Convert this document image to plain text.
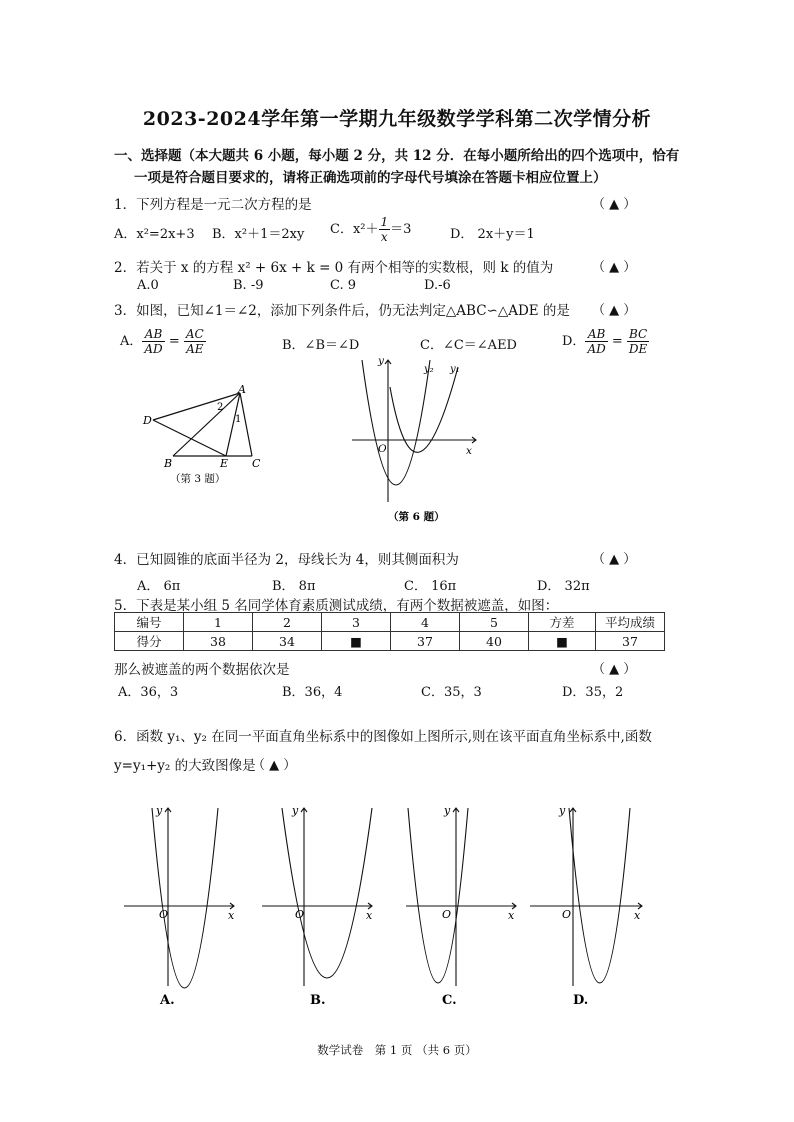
2023-2024学年第一学期九年级数学学科第二次学情分析
一、选择题（本大题共 6 小题，每小题 2 分，共 12 分．在每小题所给出的四个选项中，恰有
一项是符合题目要求的，请将正确选项前的字母代号填涂在答题卡相应位置上）
1．下列方程是一元二次方程的是	（ ▲ ）
A．x²=2x+3 B．x²＋1＝2xy C．$x^2+ \frac{1}{x} =3$	D． 2x＋y＝1
2．若关于 x 的方程 x² + 6x + k = 0 有两个相等的实数根，则 k 的值为	（ ▲ ）
A.0	B. -9	C. 9	D.-6
3．如图，已知∠1＝∠2，添加下列条件后，仍无法判定△ABC∽△ADE 的是 （ ▲ ）
A． $\frac{AB}{AD} = \frac{AC}{AE}$	B．∠B＝∠D	C．∠C＝∠AED	D． $\frac{AB}{AD} = \frac{BC}{DE}$
A
D
B	E C
2
1
（第 3 题）
y
y₂ y₁
O	x
（第 6 题）
4．已知圆锥的底面半径为 2，母线长为 4，则其侧面积为	（ ▲ ）
A． 6π	B． 8π	C． 16π	D． 32π
5．下表是某小组 5 名同学体育素质测试成绩，有两个数据被遮盖，如图：
编号	1	2	3	4	5	方差	平均成绩
得分	38	34	■	37	40	■	37
那么被遮盖的两个数据依次是	（ ▲ ）
A．36，3	B．36，4	C．35，3	D．35，2
6．函数 y₁、y₂ 在同一平面直角坐标系中的图像如上图所示,则在该平面直角坐标系中,函数
y=y₁+y₂ 的大致图像是
（ ▲ ）
y
O	x
A.
y
O	x
B.
y
O	x
C.
y
O	x
D.
数学试卷　第 1 页 （共 6 页）
